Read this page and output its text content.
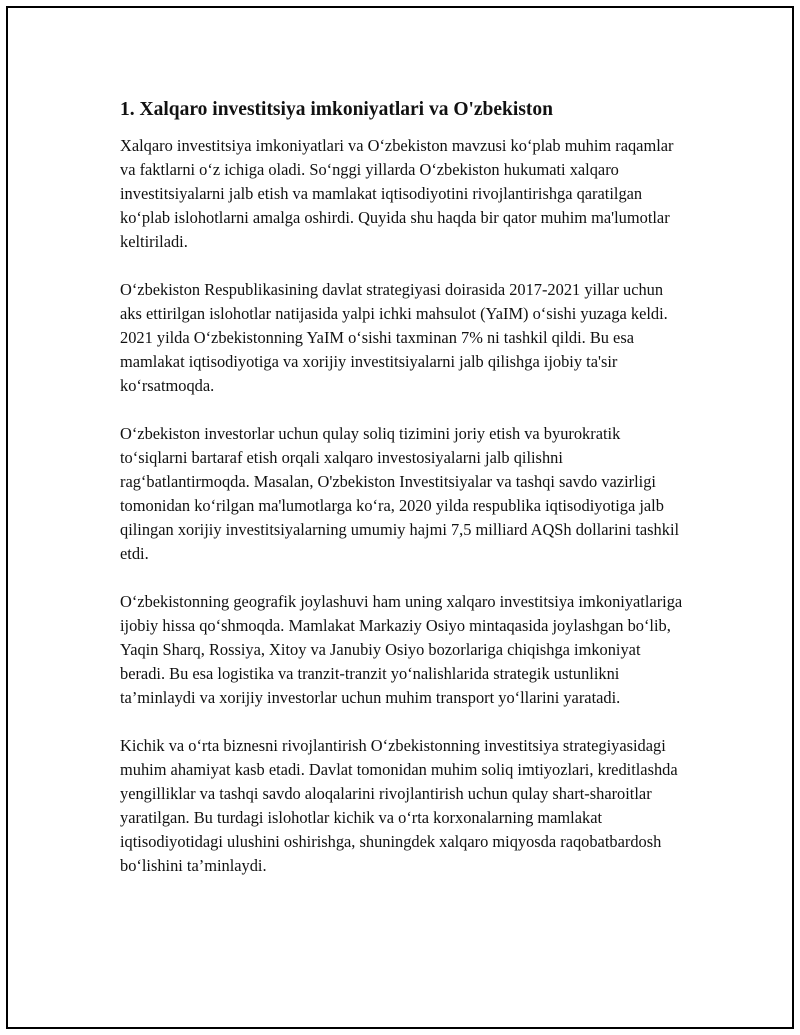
1. Xalqaro investitsiya imkoniyatlari va O'zbekiston

Xalqaro investitsiya imkoniyatlari va O‘zbekiston mavzusi ko‘plab muhim raqamlar va faktlarni o‘z ichiga oladi. So‘nggi yillarda O‘zbekiston hukumati xalqaro investitsiyalarni jalb etish va mamlakat iqtisodiyotini rivojlantirishga qaratilgan ko‘plab islohotlarni amalga oshirdi. Quyida shu haqda bir qator muhim ma'lumotlar keltiriladi.

O‘zbekiston Respublikasining davlat strategiyasi doirasida 2017-2021 yillar uchun aks ettirilgan islohotlar natijasida yalpi ichki mahsulot (YaIM) o‘sishi yuzaga keldi. 2021 yilda O‘zbekistonning YaIM o‘sishi taxminan 7% ni tashkil qildi. Bu esa mamlakat iqtisodiyotiga va xorijiy investitsiyalarni jalb qilishga ijobiy ta'sir ko‘rsatmoqda.

O‘zbekiston investorlar uchun qulay soliq tizimini joriy etish va byurokratik to‘siqlarni bartaraf etish orqali xalqaro investosiyalarni jalb qilishni rag‘batlantirmoqda. Masalan, O'zbekiston Investitsiyalar va tashqi savdo vazirligi tomonidan ko‘rilgan ma'lumotlarga ko‘ra, 2020 yilda respublika iqtisodiyotiga jalb qilingan xorijiy investitsiyalarning umumiy hajmi 7,5 milliard AQSh dollarini tashkil etdi.

O‘zbekistonning geografik joylashuvi ham uning xalqaro investitsiya imkoniyatlariga ijobiy hissa qo‘shmoqda. Mamlakat Markaziy Osiyo mintaqasida joylashgan bo‘lib, Yaqin Sharq, Rossiya, Xitoy va Janubiy Osiyo bozorlariga chiqishga imkoniyat beradi. Bu esa logistika va tranzit-tranzit yo‘nalishlarida strategik ustunlikni ta’minlaydi va xorijiy investorlar uchun muhim transport yo‘llarini yaratadi.

Kichik va o‘rta biznesni rivojlantirish O‘zbekistonning investitsiya strategiyasidagi muhim ahamiyat kasb etadi. Davlat tomonidan muhim soliq imtiyozlari, kreditlashda yengilliklar va tashqi savdo aloqalarini rivojlantirish uchun qulay shart-sharoitlar yaratilgan. Bu turdagi islohotlar kichik va o‘rta korxonalarning mamlakat iqtisodiyotidagi ulushini oshirishga, shuningdek xalqaro miqyosda raqobatbardosh bo‘lishini ta’minlaydi.
